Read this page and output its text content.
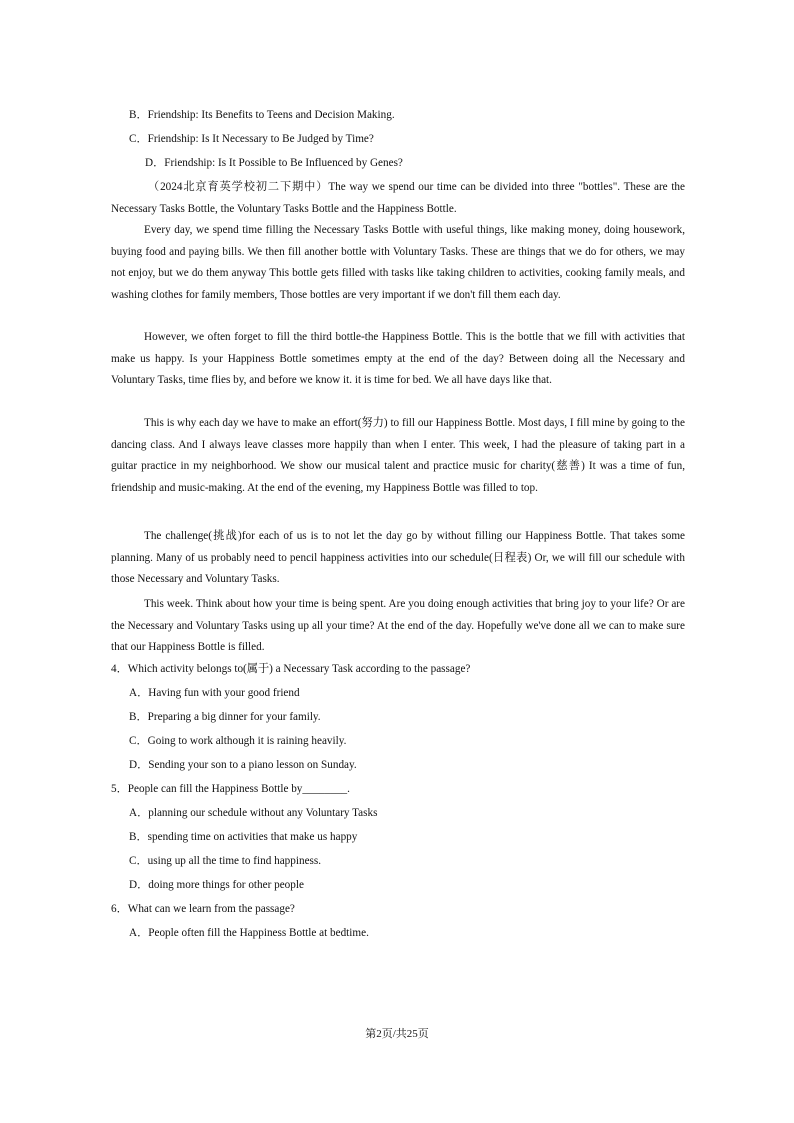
B．Friendship: Its Benefits to Teens and Decision Making.
C．Friendship: Is It Necessary to Be Judged by Time?
D．Friendship: Is It Possible to Be Influenced by Genes?

（2024北京育英学校初二下期中）The way we spend our time can be divided into three "bottles". These are the Necessary Tasks Bottle, the Voluntary Tasks Bottle and the Happiness Bottle.

Every day, we spend time filling the Necessary Tasks Bottle with useful things, like making money, doing housework, buying food and paying bills. We then fill another bottle with Voluntary Tasks. These are things that we do for others, we may not enjoy, but we do them anyway This bottle gets filled with tasks like taking children to activities, cooking family meals, and washing clothes for family members, Those bottles are very important if we don't fill them each day.

However, we often forget to fill the third bottle-the Happiness Bottle. This is the bottle that we fill with activities that make us happy. Is your Happiness Bottle sometimes empty at the end of the day? Between doing all the Necessary and Voluntary Tasks, time flies by, and before we know it. it is time for bed. We all have days like that.

This is why each day we have to make an effort(努力) to fill our Happiness Bottle. Most days, I fill mine by going to the dancing class. And I always leave classes more happily than when I enter. This week, I had the pleasure of taking part in a guitar practice in my neighborhood. We show our musical talent and practice music for charity(慈善) It was a time of fun, friendship and music-making. At the end of the evening, my Happiness Bottle was filled to top.

The challenge(挑战)for each of us is to not let the day go by without filling our Happiness Bottle. That takes some planning. Many of us probably need to pencil happiness activities into our schedule(日程表) Or, we will fill our schedule with those Necessary and Voluntary Tasks.

This week. Think about how your time is being spent. Are you doing enough activities that bring joy to your life? Or are the Necessary and Voluntary Tasks using up all your time? At the end of the day. Hopefully we've done all we can to make sure that our Happiness Bottle is filled.

4．Which activity belongs to(属于) a Necessary Task according to the passage?
A．Having fun with your good friend
B．Preparing a big dinner for your family.
C．Going to work although it is raining heavily.
D．Sending your son to a piano lesson on Sunday.
5．People can fill the Happiness Bottle by________.
A．planning our schedule without any Voluntary Tasks
B．spending time on activities that make us happy
C．using up all the time to find happiness.
D．doing more things for other people
6．What can we learn from the passage?
A．People often fill the Happiness Bottle at bedtime.
第2页/共25页
